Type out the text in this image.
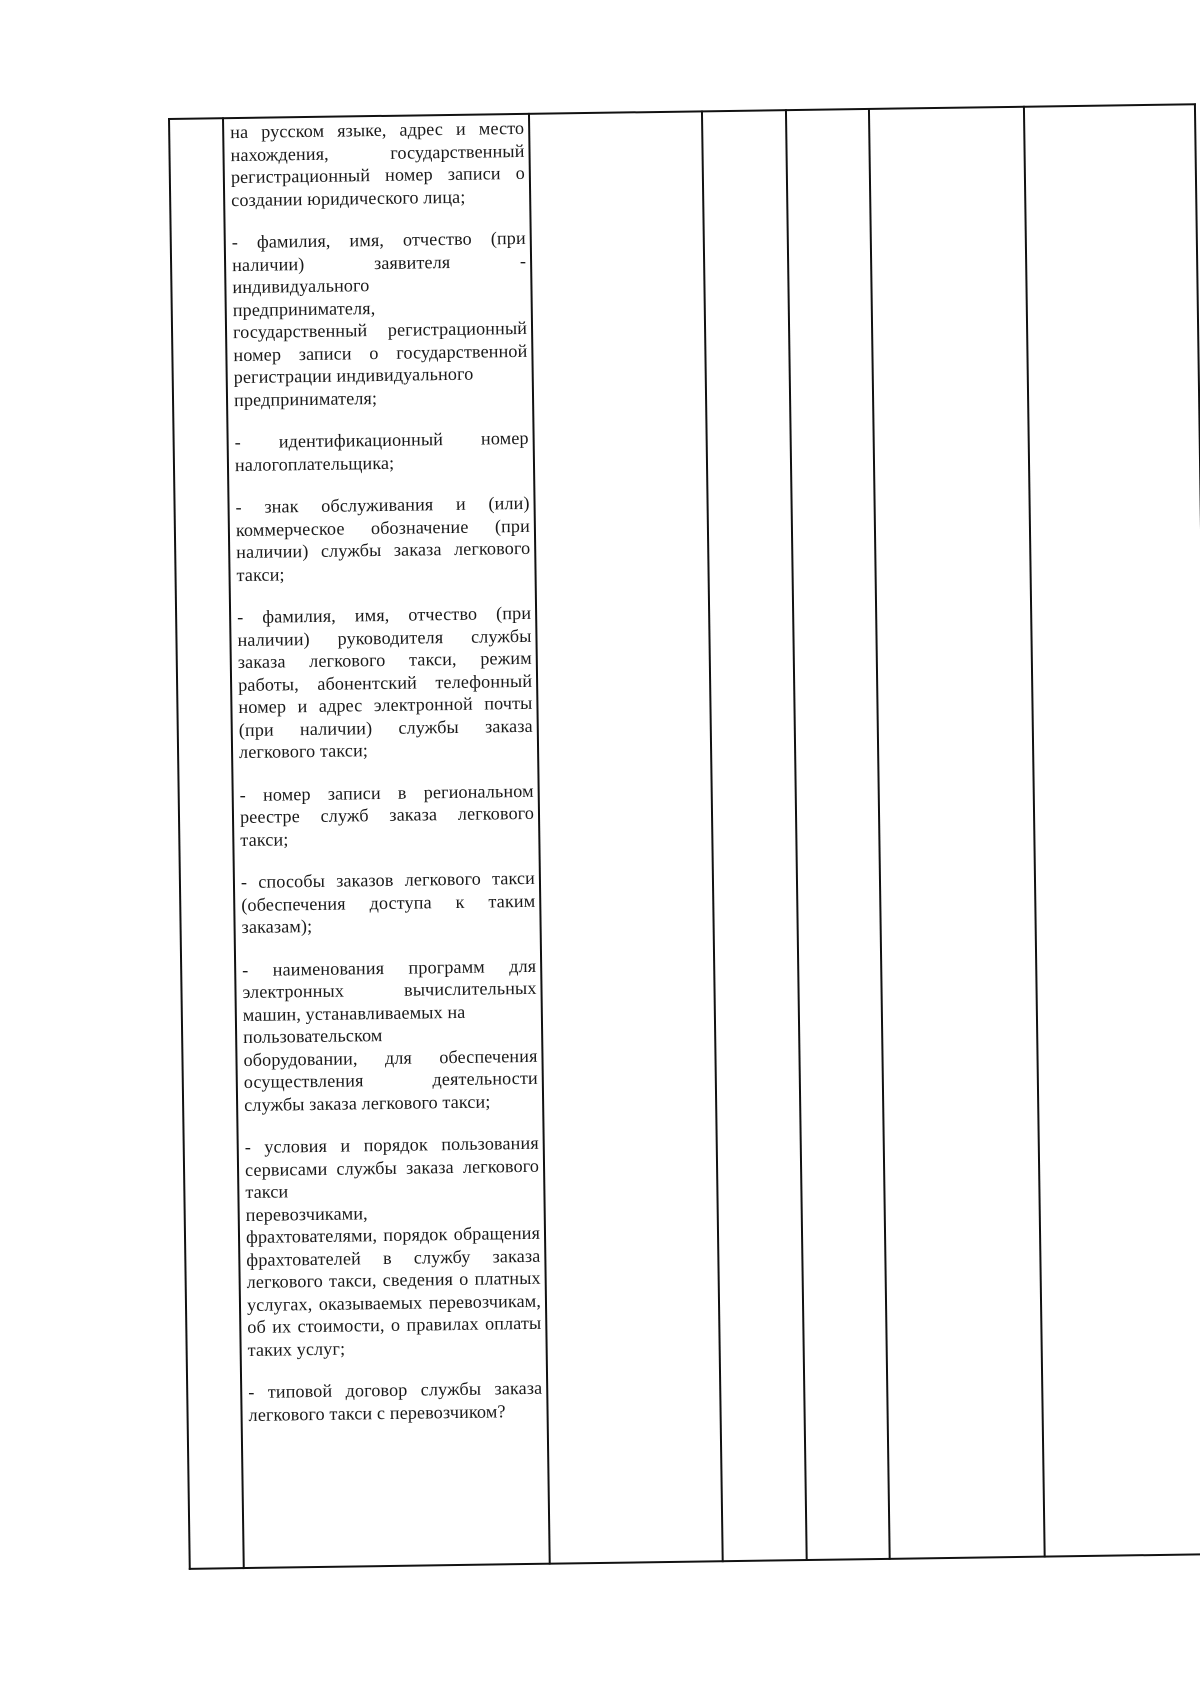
на русском языке, адрес и место нахождения, государственный регистрационный номер записи о создании юридического лица;

- фамилия, имя, отчество (при наличии) заявителя - индивидуального
предпринимателя,
государственный регистрационный номер записи о государственной регистрации индивидуального
предпринимателя;

- идентификационный номер налогоплательщика;

- знак обслуживания и (или) коммерческое обозначение (при наличии) службы заказа легкового такси;

- фамилия, имя, отчество (при наличии) руководителя службы заказа легкового такси, режим работы, абонентский телефонный номер и адрес электронной почты (при наличии) службы заказа легкового такси;

- номер записи в региональном реестре служб заказа легкового такси;

- способы заказов легкового такси (обеспечения доступа к таким заказам);

- наименования программ для электронных вычислительных машин, устанавливаемых на
пользовательском
оборудовании, для обеспечения осуществления деятельности службы заказа легкового такси;

- условия и порядок пользования сервисами службы заказа легкового такси
перевозчиками,
фрахтователями, порядок обращения фрахтователей в службу заказа легкового такси, сведения о платных услугах, оказываемых перевозчикам, об их стоимости, о правилах оплаты таких услуг;

- типовой договор службы заказа легкового такси с перевозчиком?
